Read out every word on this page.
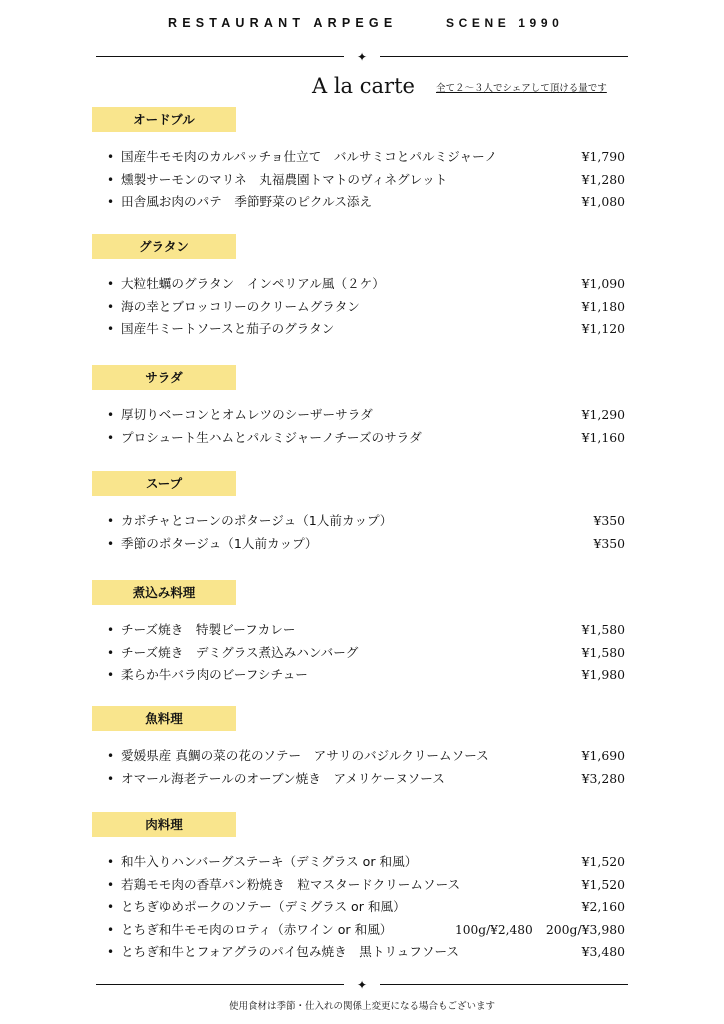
RESTAURANT ARPEGE	SCENE 1990
✦
A la carte 全て２～３人でシェアして頂ける量です
オードブル
• 国産牛モモ肉のカルパッチョ仕立て　バルサミコとパルミジャーノ	¥1,790
• 燻製サーモンのマリネ　丸福農園トマトのヴィネグレット	¥1,280
• 田舎風お肉のパテ　季節野菜のピクルス添え	¥1,080
グラタン
• 大粒牡蠣のグラタン　インペリアル風（２ケ）	¥1,090
• 海の幸とブロッコリーのクリームグラタン	¥1,180
• 国産牛ミートソースと茄子のグラタン	¥1,120
サラダ
• 厚切りベーコンとオムレツのシーザーサラダ	¥1,290
• プロシュート生ハムとパルミジャーノチーズのサラダ	¥1,160
スープ
• カボチャとコーンのポタージュ（1人前カップ）	¥350
• 季節のポタージュ（1人前カップ）	¥350
煮込み料理
• チーズ焼き　特製ビーフカレー	¥1,580
• チーズ焼き　デミグラス煮込みハンバーグ	¥1,580
• 柔らか牛バラ肉のビーフシチュー	¥1,980
魚料理
• 愛媛県産 真鯛の菜の花のソテー　アサリのバジルクリームソース	¥1,690
• オマール海老テールのオーブン焼き　アメリケーヌソース	¥3,280
肉料理
• 和牛入りハンバーグステーキ（デミグラス or 和風）	¥1,520
• 若鶏モモ肉の香草パン粉焼き　粒マスタードクリームソース	¥1,520
• とちぎゆめポークのソテー（デミグラス or 和風）	¥2,160
• とちぎ和牛モモ肉のロティ（赤ワイン or 和風）	100g/¥2,480 200g/¥3,980
• とちぎ和牛とフォアグラのパイ包み焼き　黒トリュフソース	¥3,480
✦
使用食材は季節・仕入れの関係上変更になる場合もございます
